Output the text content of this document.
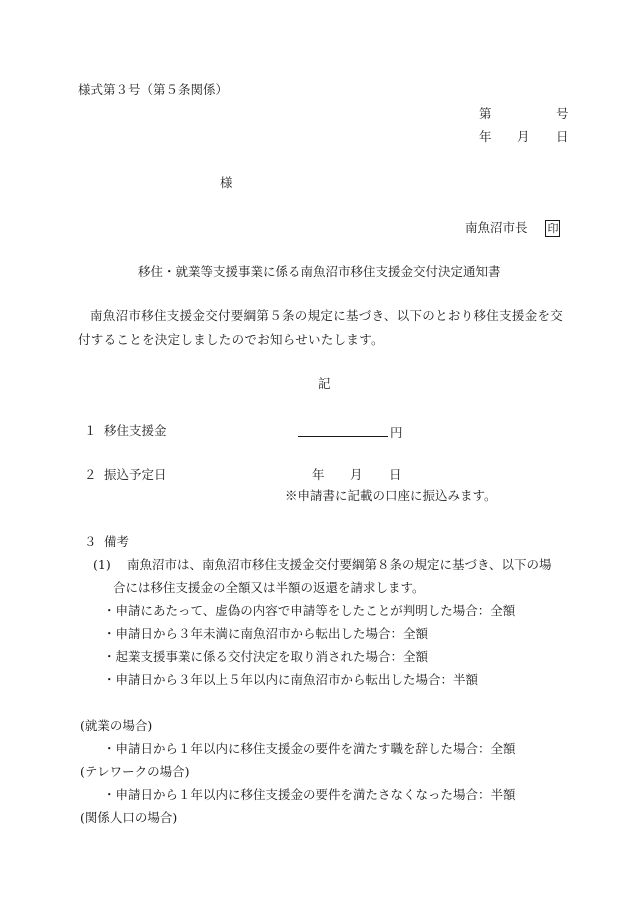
様式第３号（第５条関係）
第	号
年 月 日
様
南魚沼市長 印
移住・就業等支援事業に係る南魚沼市移住支援金交付決定通知書
南魚沼市移住支援金交付要綱第５条の規定に基づき、以下のとおり移住支援金を交付することを決定しましたのでお知らせいたします。
記
１ 移住支援金	円
２ 振込予定日	年 月 日
※申請書に記載の口座に振込みます。
３ 備考
(1) 南魚沼市は、南魚沼市移住支援金交付要綱第８条の規定に基づき、以下の場
合には移住支援金の全額又は半額の返還を請求します。
・申請にあたって、虚偽の内容で申請等をしたことが判明した場合：全額
・申請日から３年未満に南魚沼市から転出した場合：全額
・起業支援事業に係る交付決定を取り消された場合：全額
・申請日から３年以上５年以内に南魚沼市から転出した場合：半額
(就業の場合)
・申請日から１年以内に移住支援金の要件を満たす職を辞した場合：全額
(テレワークの場合)
・申請日から１年以内に移住支援金の要件を満たさなくなった場合：半額
(関係人口の場合)
